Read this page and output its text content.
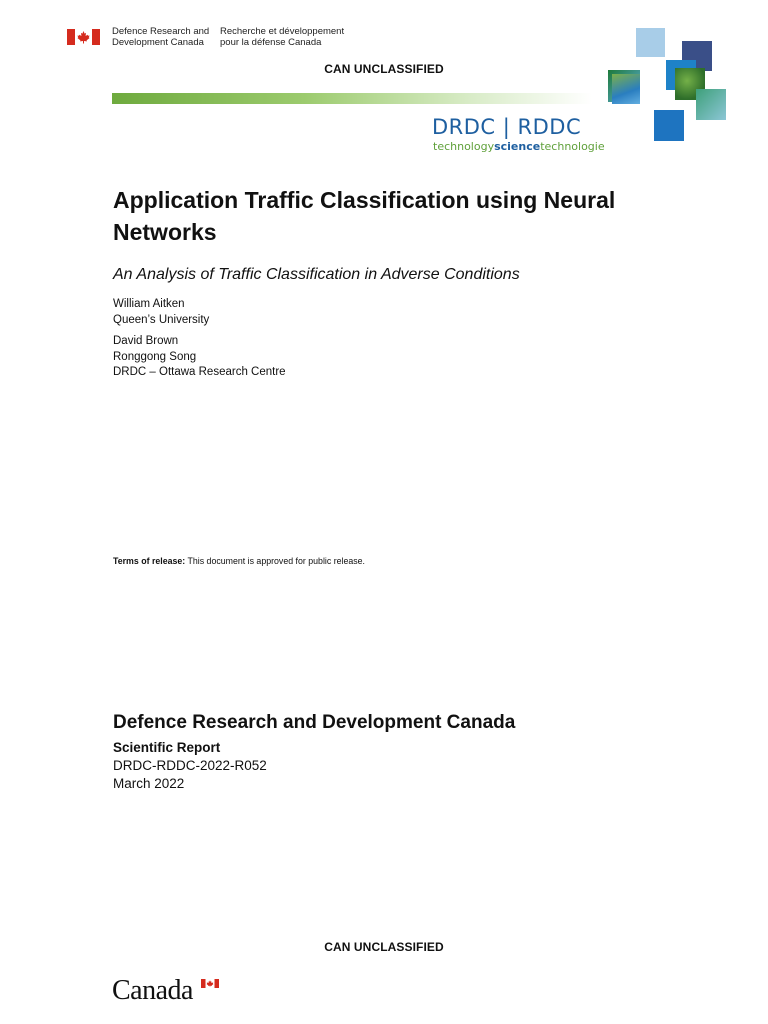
Defence Research and
Development Canada
Recherche et développement
pour la défense Canada
CAN UNCLASSIFIED
DRDC | RDDC
technologysciencetechnologie
Application Traffic Classification using Neural Networks
An Analysis of Traffic Classification in Adverse Conditions
William Aitken
Queen’s University
David Brown
Ronggong Song
DRDC – Ottawa Research Centre
Terms of release: This document is approved for public release.
Defence Research and Development Canada
Scientific Report
DRDC-RDDC-2022-R052
March 2022
CAN UNCLASSIFIED
Canada
